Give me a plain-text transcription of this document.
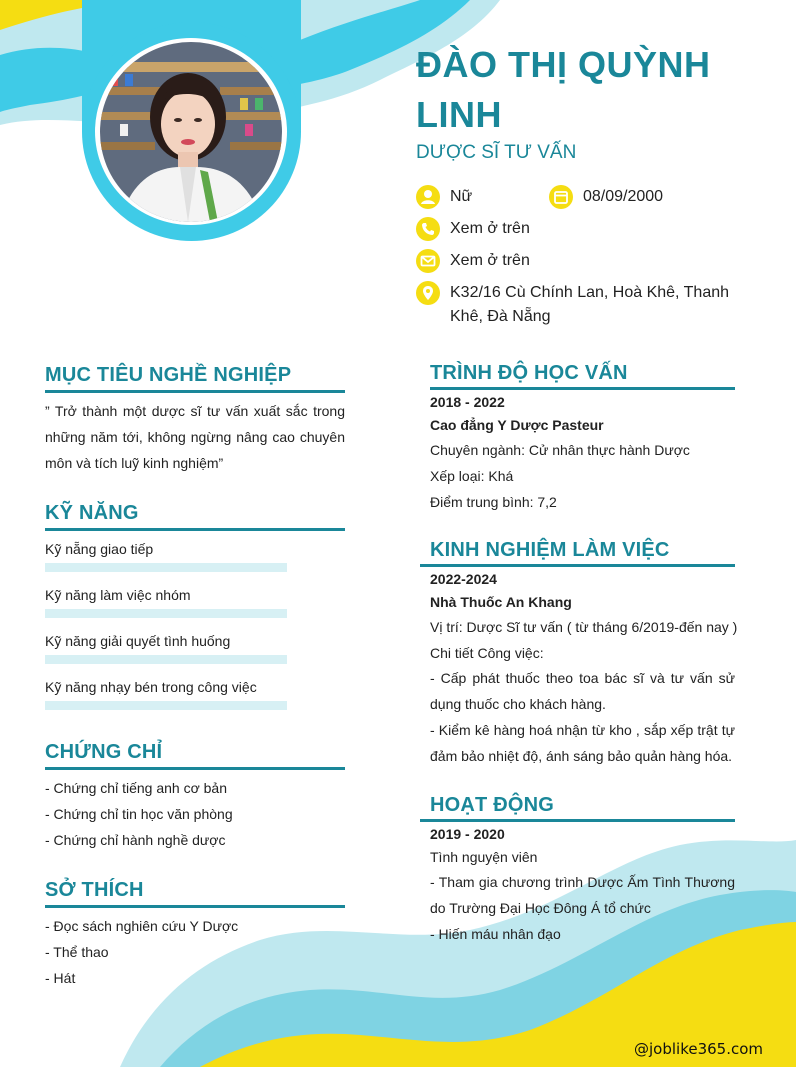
ĐÀO THỊ QUỲNH LINH
DƯỢC SĨ TƯ VẤN
Nữ	08/09/2000
Xem ở trên
Xem ở trên
K32/16 Cù Chính Lan, Hoà Khê, Thanh Khê, Đà Nẵng
MỤC TIÊU NGHỀ NGHIỆP
” Trở thành một dược sĩ tư vấn xuất sắc trong những năm tới, không ngừng nâng cao chuyên môn và tích luỹ kinh nghiệm”
KỸ NĂNG
Kỹ nẵng giao tiếp
Kỹ năng làm việc nhóm
Kỹ năng giải quyết tình huống
Kỹ năng nhạy bén trong công việc
CHỨNG CHỈ
- Chứng chỉ tiếng anh cơ bản
- Chứng chỉ tin học văn phòng
- Chứng chỉ hành nghề dược
SỞ THÍCH
- Đọc sách nghiên cứu Y Dược
- Thể thao
- Hát
TRÌNH ĐỘ HỌC VẤN
2018 - 2022
Cao đẳng Y Dược Pasteur
Chuyên ngành: Cử nhân thực hành Dược
Xếp loại: Khá
Điểm trung bình: 7,2
KINH NGHIỆM LÀM VIỆC
2022-2024
Nhà Thuốc An Khang
Vị trí: Dược Sĩ tư vấn ( từ tháng 6/2019-đến nay )
Chi tiết Công việc:
- Cấp phát thuốc theo toa bác sĩ và tư vấn sử dụng thuốc cho khách hàng.
- Kiểm kê hàng hoá nhận từ kho , sắp xếp trật tự đảm bảo nhiệt độ, ánh sáng bảo quản hàng hóa.
HOẠT ĐỘNG
2019 - 2020
Tình nguyện viên
- Tham gia chương trình Dược Ấm Tình Thương do Trường Đại Học Đông Á tổ chức
- Hiến máu nhân đạo
@joblike365.com
